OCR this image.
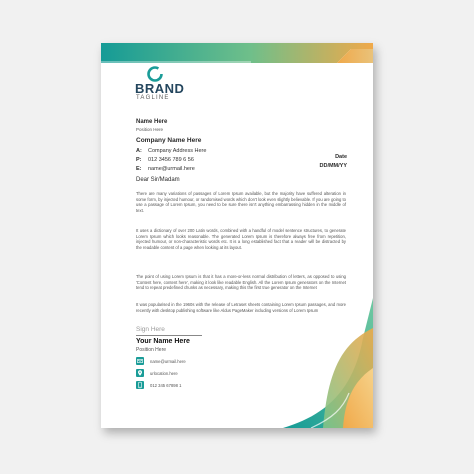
BRAND
TAGLINE
Name Here
Position Here
Company Name Here
A: Company Address Here
P: 012 3456 789 6 56
E: name@urmail.here
Date
DD/MM/YY
Dear Sir/Madam
There are many variations of passages of Lorem Ipsum available, but the majority have suffered alteration in some form, by injected humour, or randomised words which don't look even slightly believable. If you are going to use a passage of Lorem Ipsum, you need to be sure there isn't anything embarrassing hidden in the middle of text.
It uses a dictionary of over 200 Latin words, combined with a handful of model sentence structures, to generate Lorem Ipsum which looks reasonable. The generated Lorem Ipsum is therefore always free from repetition, injected humour, or non-characteristic words etc. It is a long established fact that a reader will be distracted by the readable content of a page when looking at its layout.
The point of using Lorem Ipsum is that it has a more-or-less normal distribution of letters, as opposed to using 'Content here, content here', making it look like readable English. All the Lorem Ipsum generators on the Internet tend to repeat predefined chunks as necessary, making this the first true generator on the Internet
It was popularised in the 1960s with the release of Letraset sheets containing Lorem Ipsum passages, and more recently with desktop publishing software like Aldus PageMaker including versions of Lorem Ipsum
Sign Here
Your Name Here
Position Here
name@urmail.here
urlocation.here
012 345 67898 1
